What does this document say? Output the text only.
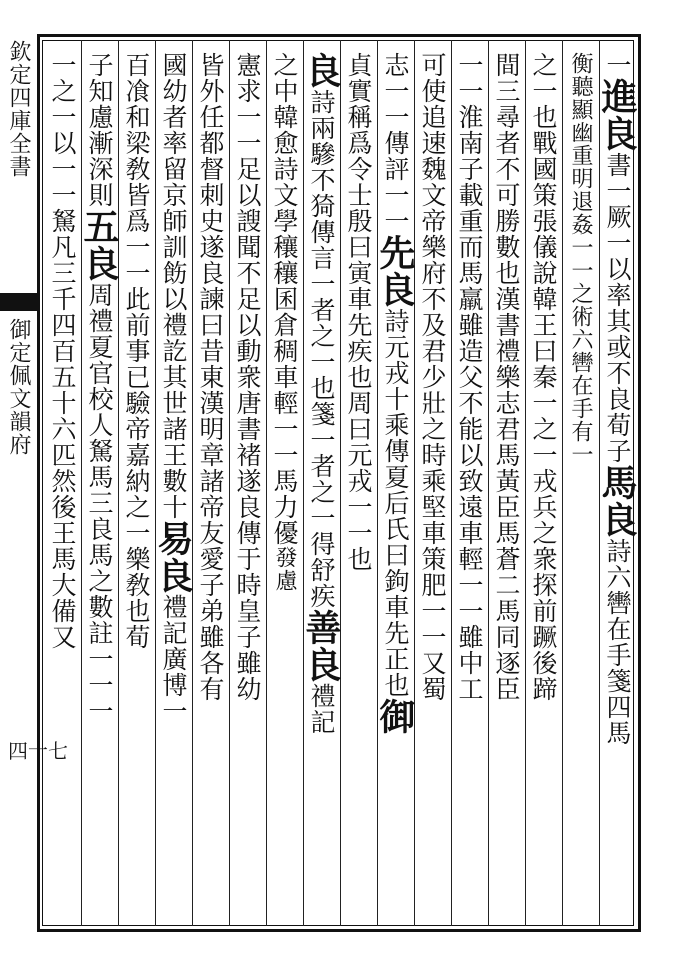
欽定四庫全書
御定佩文韻府
四十七
一進良書一厥一以率其或不良荀子馬良詩六轡在手箋四馬
衡聽顯幽重明退姦一一之術六轡在手有一
之一也戰國策張儀說韓王曰秦一之一戎兵之衆探前蹶後蹄
間三尋者不可勝數也漢書禮樂志君馬黃臣馬蒼二馬同逐臣
一一淮南子載重而馬羸雖造父不能以致遠車輕一一雖中工
可使追速魏文帝樂府不及君少壯之時乘堅車策肥一一又蜀
志一一傳評一一先良詩元戎十乘傳夏后氏曰鉤車先正也御
貞實稱爲令士殷曰寅車先疾也周曰元戎一一也
良詩兩驂不猗傳言一者之一也箋一者之一得舒疾善良禮記
之中韓愈詩文學穰穰囷倉稠車輕一一馬力優發慮
憲求一一足以謏聞不足以動衆唐書褚遂良傳于時皇子雖幼
皆外任都督刺史遂良諫曰昔東漢明章諸帝友愛子弟雖各有
國幼者率留京師訓飭以禮訖其世諸王數十易良禮記廣博一
百飡和梁敎皆爲一一此前事已驗帝嘉納之一樂敎也荀
子知慮漸深則五良周禮夏官校人駑馬三良馬之數註一一一
一之一以一一駑凡三千四百五十六匹然後王馬大備又
